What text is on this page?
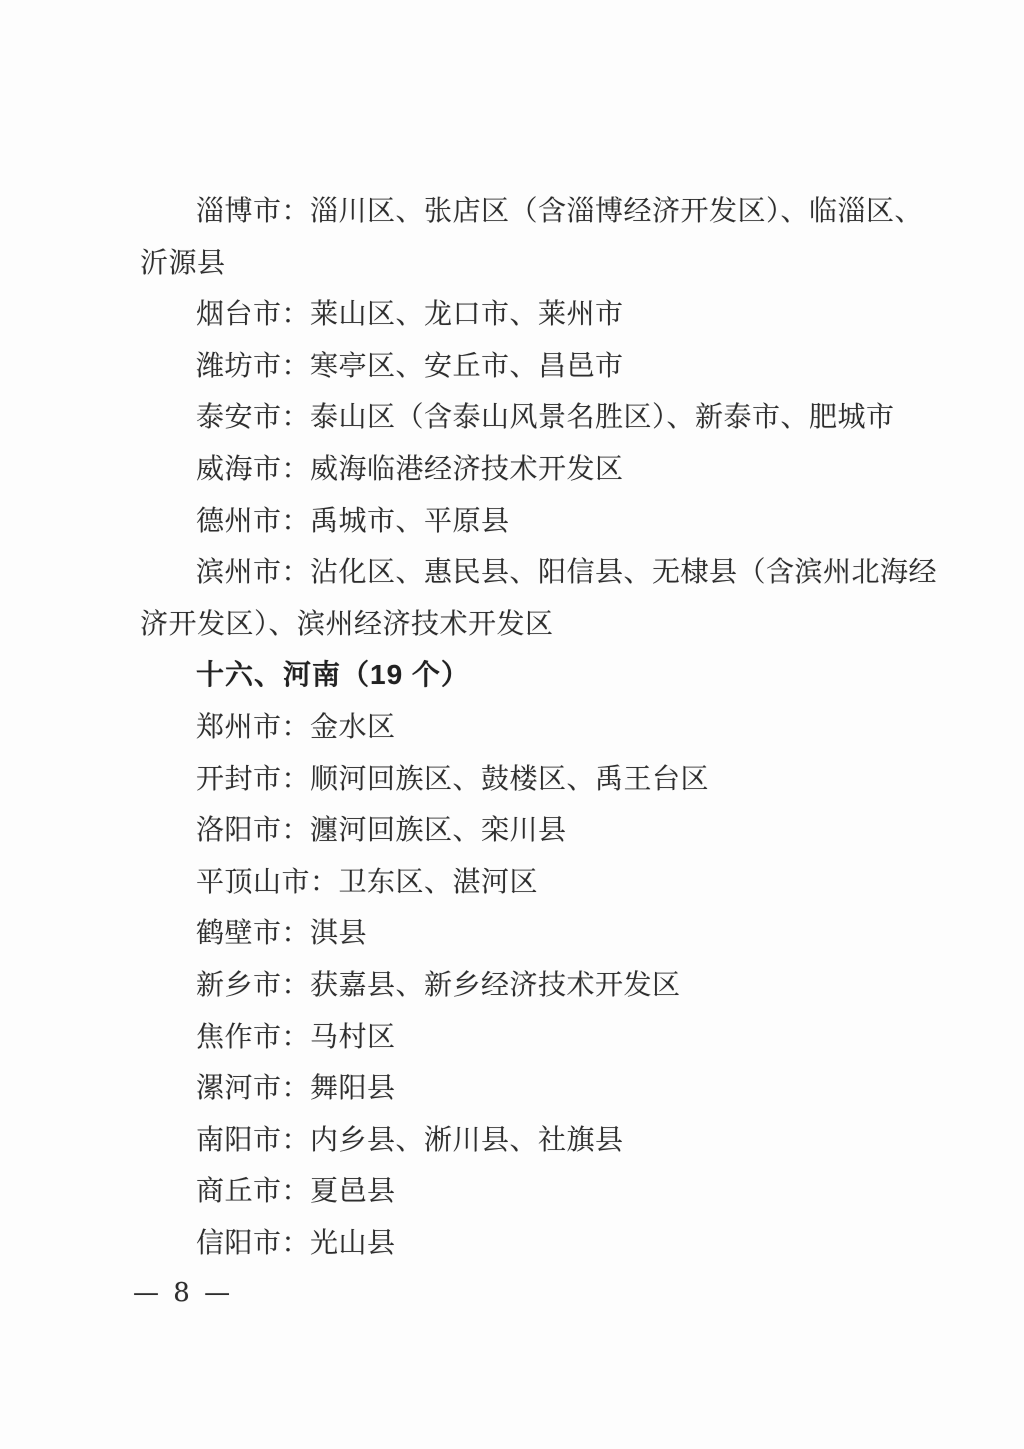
淄博市：淄川区、张店区（含淄博经济开发区）、临淄区、
沂源县
烟台市：莱山区、龙口市、莱州市
潍坊市：寒亭区、安丘市、昌邑市
泰安市：泰山区（含泰山风景名胜区）、新泰市、肥城市
威海市：威海临港经济技术开发区
德州市：禹城市、平原县
滨州市：沾化区、惠民县、阳信县、无棣县（含滨州北海经
济开发区）、滨州经济技术开发区
十六、河南（19 个）
郑州市：金水区
开封市：顺河回族区、鼓楼区、禹王台区
洛阳市：瀍河回族区、栾川县
平顶山市：卫东区、湛河区
鹤壁市：淇县
新乡市：获嘉县、新乡经济技术开发区
焦作市：马村区
漯河市：舞阳县
南阳市：内乡县、淅川县、社旗县
商丘市：夏邑县
信阳市：光山县
— 8 —
